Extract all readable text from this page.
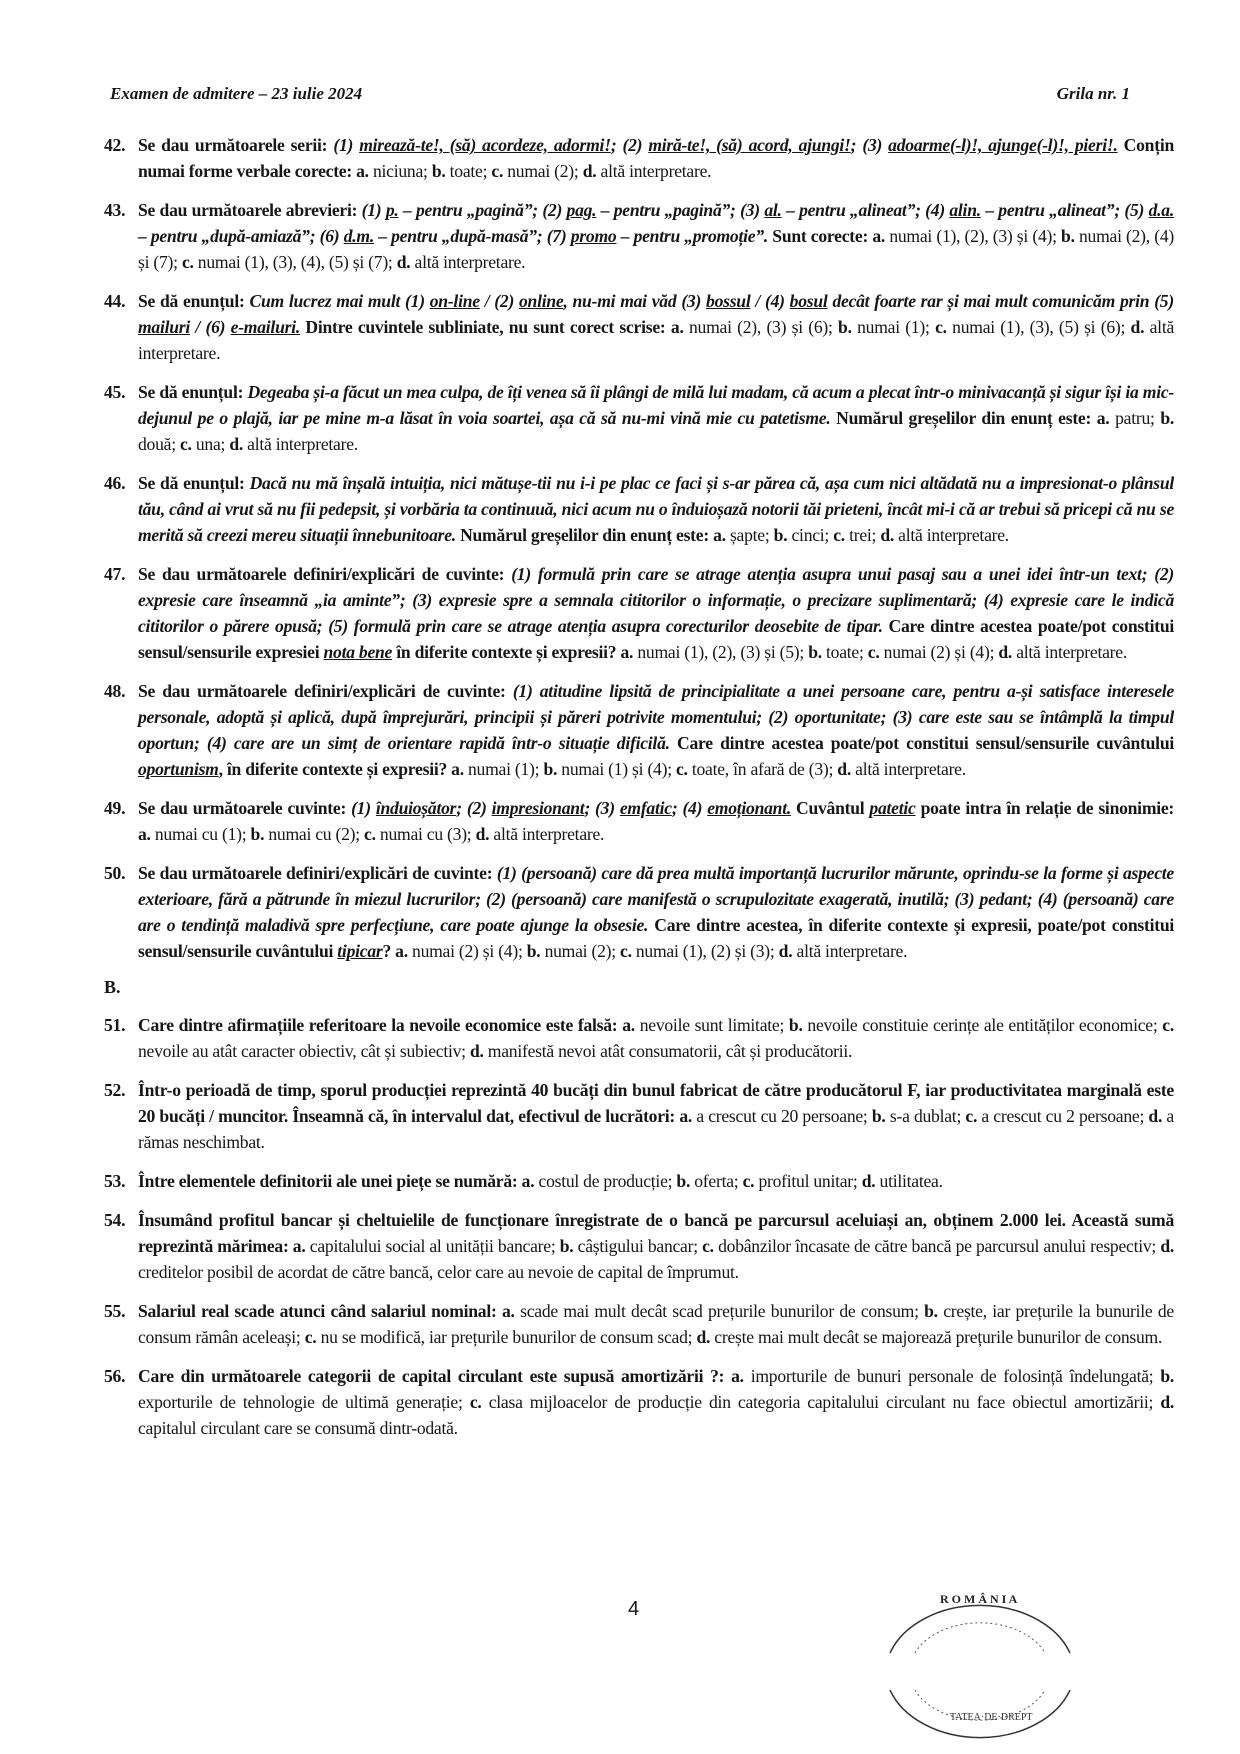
Examen de admitere – 23 iulie 2024	Grila nr. 1
42. Se dau următoarele serii: (1) mirează-te!, (să) acordeze, adormi!; (2) miră-te!, (să) acord, ajungi!; (3) adoarme(-l)!, ajunge(-l)!, pieri!. Conțin numai forme verbale corecte: a. niciuna; b. toate; c. numai (2); d. altă interpretare.
43. Se dau următoarele abrevieri: (1) p. – pentru „pagină”; (2) pag. – pentru „pagină”; (3) al. – pentru „alineat”; (4) alin. – pentru „alineat”; (5) d.a. – pentru „după-amiază”; (6) d.m. – pentru „după-masă”; (7) promo – pentru „promoție”. Sunt corecte: a. numai (1), (2), (3) și (4); b. numai (2), (4) și (7); c. numai (1), (3), (4), (5) și (7); d. altă interpretare.
44. Se dă enunțul: Cum lucrez mai mult (1) on-line / (2) online, nu-mi mai văd (3) bossul / (4) bosul decât foarte rar și mai mult comunicăm prin (5) mailuri / (6) e-mailuri. Dintre cuvintele subliniate, nu sunt corect scrise: a. numai (2), (3) și (6); b. numai (1); c. numai (1), (3), (5) și (6); d. altă interpretare.
45. Se dă enunțul: Degeaba și-a făcut un mea culpa, de îți venea să îi plângi de milă lui madam, că acum a plecat într-o minivacanță și sigur își ia mic-dejunul pe o plajă, iar pe mine m-a lăsat în voia soartei, așa că să nu-mi vină mie cu patetisme. Numărul greșelilor din enunț este: a. patru; b. două; c. una; d. altă interpretare.
46. Se dă enunțul: Dacă nu mă înșală intuiția, nici mătușe-tii nu i-i pe plac ce faci și s-ar părea că, așa cum nici altădată nu a impresionat-o plânsul tău, când ai vrut să nu fii pedepsit, și vorbăria ta continuuă, nici acum nu o înduioșază notorii tăi prieteni, încât mi-i că ar trebui să pricepi că nu se merită să creezi mereu situații înnebunitoare. Numărul greșelilor din enunț este: a. șapte; b. cinci; c. trei; d. altă interpretare.
47. Se dau următoarele definiri/explicări de cuvinte: (1) formulă prin care se atrage atenția asupra unui pasaj sau a unei idei într-un text; (2) expresie care înseamnă „ia aminte”; (3) expresie spre a semnala cititorilor o informație, o precizare suplimentară; (4) expresie care le indică cititorilor o părere opusă; (5) formulă prin care se atrage atenția asupra corecturilor deosebite de tipar. Care dintre acestea poate/pot constitui sensul/sensurile expresiei nota bene în diferite contexte și expresii? a. numai (1), (2), (3) și (5); b. toate; c. numai (2) și (4); d. altă interpretare.
48. Se dau următoarele definiri/explicări de cuvinte: (1) atitudine lipsită de principialitate a unei persoane care, pentru a-și satisface interesele personale, adoptă și aplică, după împrejurări, principii și păreri potrivite momentului; (2) oportunitate; (3) care este sau se întâmplă la timpul oportun; (4) care are un simț de orientare rapidă într-o situație dificilă. Care dintre acestea poate/pot constitui sensul/sensurile cuvântului oportunism, în diferite contexte și expresii? a. numai (1); b. numai (1) și (4); c. toate, în afară de (3); d. altă interpretare.
49. Se dau următoarele cuvinte: (1) înduioșător; (2) impresionant; (3) emfatic; (4) emoționant. Cuvântul patetic poate intra în relație de sinonimie: a. numai cu (1); b. numai cu (2); c. numai cu (3); d. altă interpretare.
50. Se dau următoarele definiri/explicări de cuvinte: (1) (persoană) care dă prea multă importanță lucrurilor mărunte, oprindu-se la forme și aspecte exterioare, fără a pătrunde în miezul lucrurilor; (2) (persoană) care manifestă o scrupulozitate exagerată, inutilă; (3) pedant; (4) (persoană) care are o tendință maladivă spre perfecțiune, care poate ajunge la obsesie. Care dintre acestea, în diferite contexte și expresii, poate/pot constitui sensul/sensurile cuvântului tipicar? a. numai (2) și (4); b. numai (2); c. numai (1), (2) și (3); d. altă interpretare.
B.
51. Care dintre afirmațiile referitoare la nevoile economice este falsă: a. nevoile sunt limitate; b. nevoile constituie cerințe ale entităților economice; c. nevoile au atât caracter obiectiv, cât și subiectiv; d. manifestă nevoi atât consumatorii, cât și producătorii.
52. Într-o perioadă de timp, sporul producției reprezintă 40 bucăți din bunul fabricat de către producătorul F, iar productivitatea marginală este 20 bucăți / muncitor. Înseamnă că, în intervalul dat, efectivul de lucrători: a. a crescut cu 20 persoane; b. s-a dublat; c. a crescut cu 2 persoane; d. a rămas neschimbat.
53. Între elementele definitorii ale unei piețe se numără: a. costul de producție; b. oferta; c. profitul unitar; d. utilitatea.
54. Însumând profitul bancar și cheltuielile de funcționare înregistrate de o bancă pe parcursul aceluiași an, obținem 2.000 lei. Această sumă reprezintă mărimea: a. capitalului social al unității bancare; b. câștigului bancar; c. dobânzilor încasate de către bancă pe parcursul anului respectiv; d. creditelor posibil de acordat de către bancă, celor care au nevoie de capital de împrumut.
55. Salariul real scade atunci când salariul nominal: a. scade mai mult decât scad prețurile bunurilor de consum; b. crește, iar prețurile la bunurile de consum rămân aceleași; c. nu se modifică, iar prețurile bunurilor de consum scad; d. crește mai mult decât se majorează prețurile bunurilor de consum.
56. Care din următoarele categorii de capital circulant este supusă amortizării ?: a. importurile de bunuri personale de folosință îndelungată; b. exporturile de tehnologie de ultimă generație; c. clasa mijloacelor de producție din categoria capitalului circulant nu face obiectul amortizării; d. capitalul circulant care se consumă dintr-odată.
4	R O M Â N I A
TATEA·DE·DREPT
